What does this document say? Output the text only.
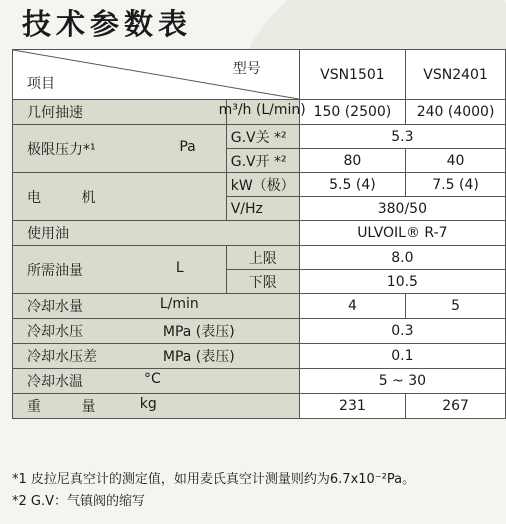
技术参数表
型号
项目		VSN1501	VSN2401

几何抽速 m³/h (L/min)		150 (2500)	240 (4000)

极限压力*¹ Pa	G.V关 *²	5.3	
	G.V开 *²	80	40

电 机	kW（极）	5.5 (4)	7.5 (4)
	V/Hz	380/50	
使用油		ULVOIL® R-7	

所需油量 L	上限	8.0	
	下限	10.5	

冷却水量 L/min		4	5

冷却水压 MPa (表压)		0.3	

冷却水压差 MPa (表压)		0.1	

冷却水温 °C		5 ~ 30	

重 量 kg		231	267
*1 皮拉尼真空计的测定值，如用麦氏真空计测量则约为6.7x10⁻²Pa。
*2 G.V：气镇阀的缩写
